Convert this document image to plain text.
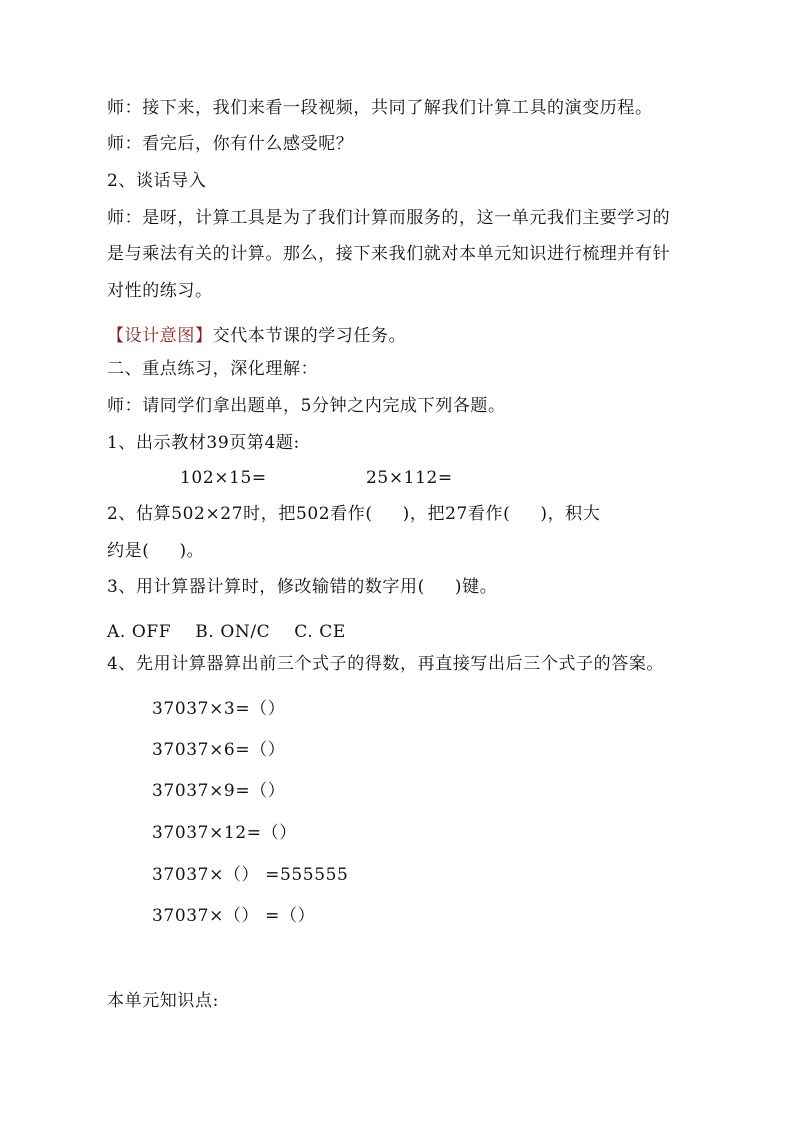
师：接下来，我们来看一段视频，共同了解我们计算工具的演变历程。
师：看完后，你有什么感受呢？
2、谈话导入
师：是呀，计算工具是为了我们计算而服务的，这一单元我们主要学习的
是与乘法有关的计算。那么，接下来我们就对本单元知识进行梳理并有针
对性的练习。
【设计意图】交代本节课的学习任务。
二、重点练习，深化理解：
师：请同学们拿出题单，5分钟之内完成下列各题。
1、出示教材39页第4题:
102×15=	25×112=
2、估算502×27时，把502看作(     )，把27看作(     )，积大
约是(     )。
3、用计算器计算时，修改输错的数字用(     )键。
A. OFF    B. ON/C    C. CE
4、先用计算器算出前三个式子的得数，再直接写出后三个式子的答案。
37037×3=（）
37037×6=（）
37037×9=（）
37037×12=（）
37037×（） =555555
37037×（） =（）
本单元知识点:
